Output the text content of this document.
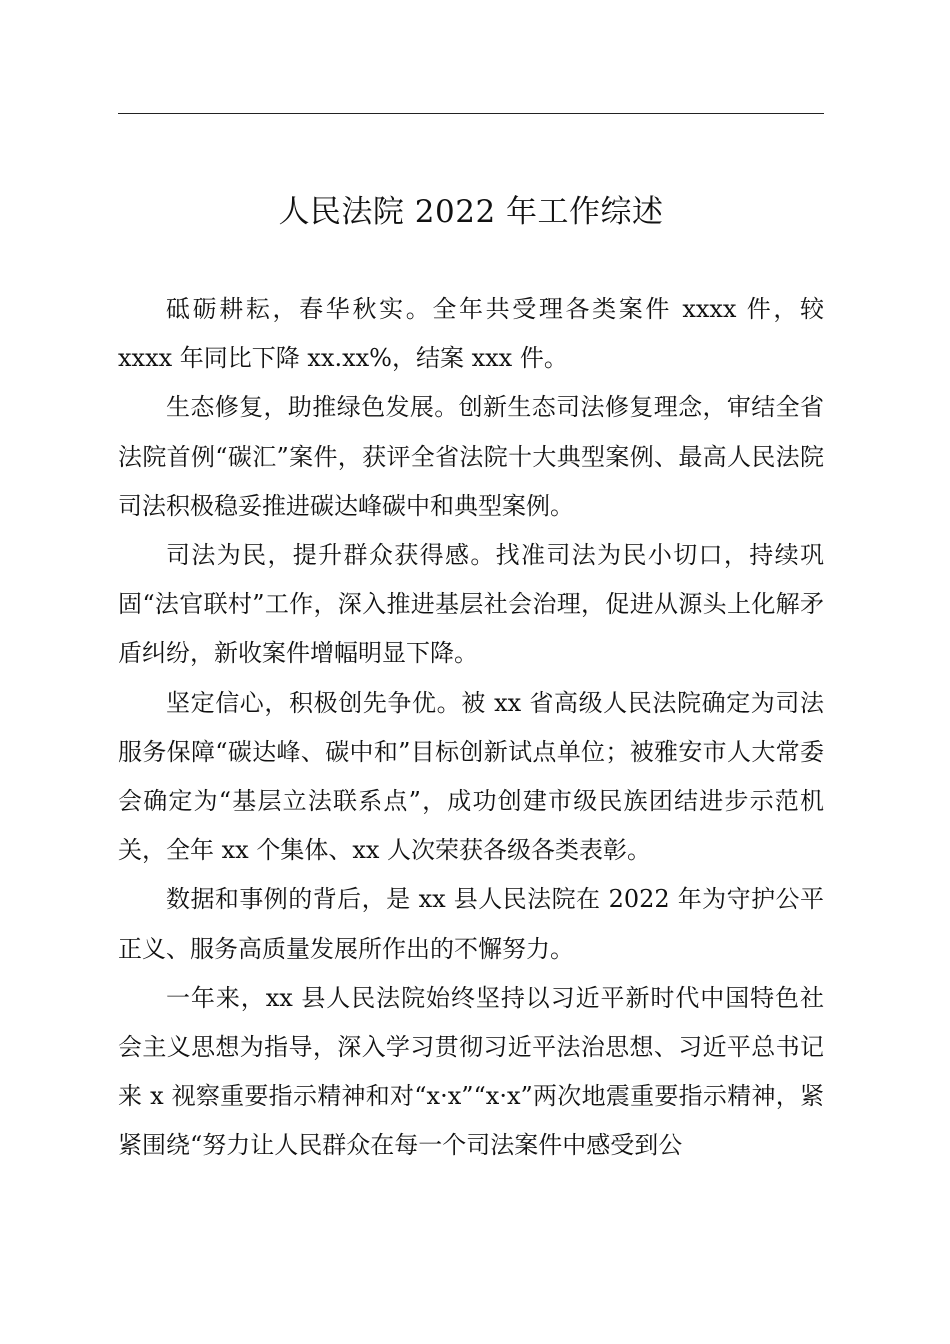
人民法院 2022 年工作综述

砥砺耕耘，春华秋实。全年共受理各类案件 xxxx 件，较 xxxx 年同比下降 xx.xx%，结案 xxx 件。

生态修复，助推绿色发展。创新生态司法修复理念，审结全省法院首例“碳汇”案件，获评全省法院十大典型案例、最高人民法院司法积极稳妥推进碳达峰碳中和典型案例。

司法为民，提升群众获得感。找准司法为民小切口，持续巩固“法官联村”工作，深入推进基层社会治理，促进从源头上化解矛盾纠纷，新收案件增幅明显下降。

坚定信心，积极创先争优。被 xx 省高级人民法院确定为司法服务保障“碳达峰、碳中和”目标创新试点单位；被雅安市人大常委会确定为“基层立法联系点”，成功创建市级民族团结进步示范机关，全年 xx 个集体、xx 人次荣获各级各类表彰。

数据和事例的背后，是 xx 县人民法院在 2022 年为守护公平正义、服务高质量发展所作出的不懈努力。

一年来，xx 县人民法院始终坚持以习近平新时代中国特色社会主义思想为指导，深入学习贯彻习近平法治思想、习近平总书记来 x 视察重要指示精神和对“x·x”“x·x”两次地震重要指示精神，紧紧围绕“努力让人民群众在每一个司法案件中感受到公
